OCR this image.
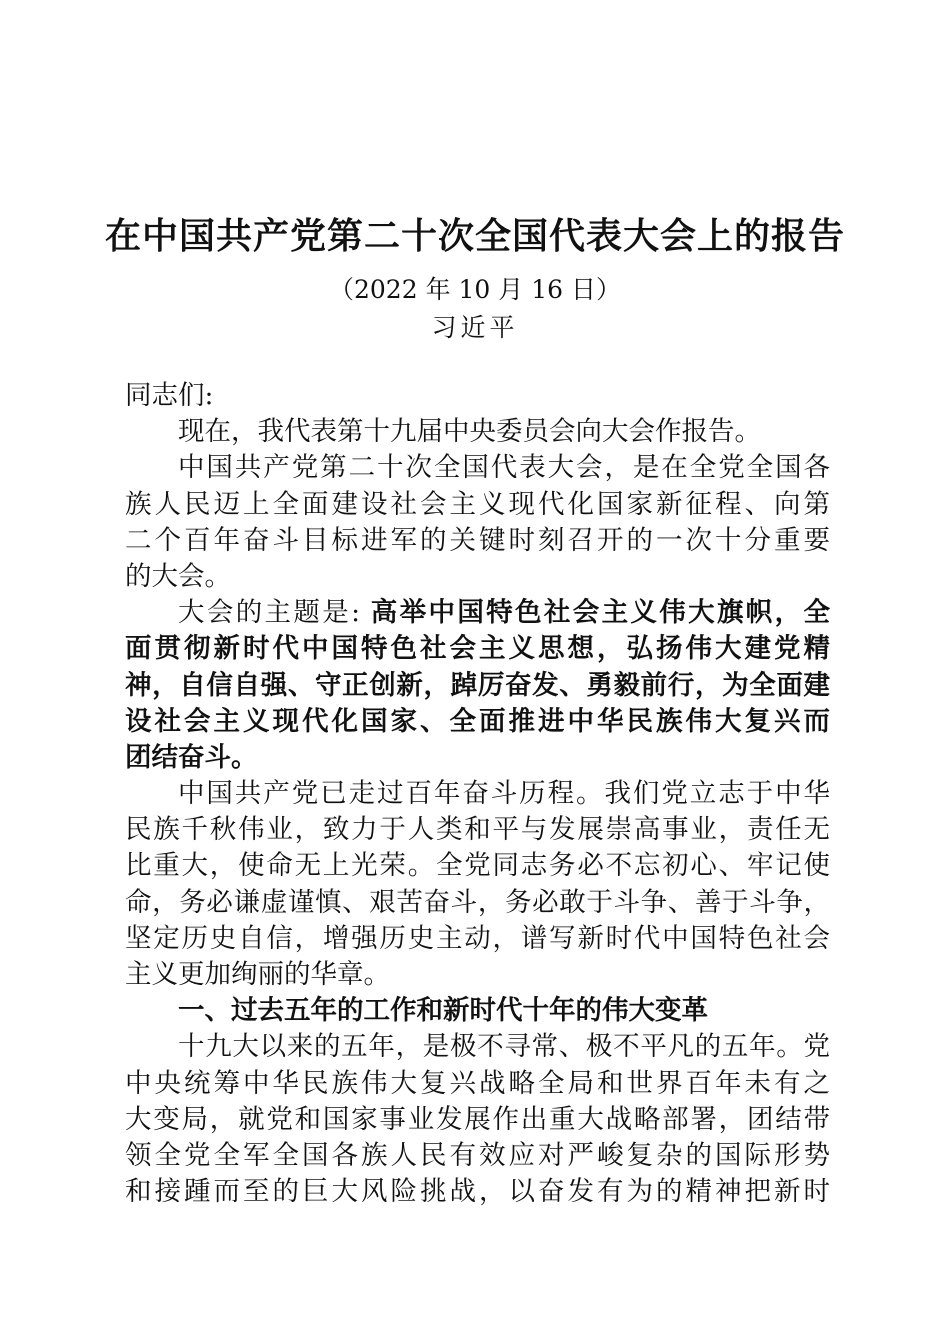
在中国共产党第二十次全国代表大会上的报告
（2022 年 10 月 16 日）
习近平
同志们:
现在，我代表第十九届中央委员会向大会作报告。
中国共产党第二十次全国代表大会，是在全党全国各
族人民迈上全面建设社会主义现代化国家新征程、向第
二个百年奋斗目标进军的关键时刻召开的一次十分重要
的大会。
大会的主题是: 高举中国特色社会主义伟大旗帜，全
面贯彻新时代中国特色社会主义思想，弘扬伟大建党精
神，自信自强、守正创新，踔厉奋发、勇毅前行，为全面建
设社会主义现代化国家、全面推进中华民族伟大复兴而
团结奋斗。
中国共产党已走过百年奋斗历程。我们党立志于中华
民族千秋伟业，致力于人类和平与发展崇高事业，责任无
比重大，使命无上光荣。全党同志务必不忘初心、牢记使
命，务必谦虚谨慎、艰苦奋斗，务必敢于斗争、善于斗争，
坚定历史自信，增强历史主动，谱写新时代中国特色社会
主义更加绚丽的华章。
一、过去五年的工作和新时代十年的伟大变革
十九大以来的五年，是极不寻常、极不平凡的五年。党
中央统筹中华民族伟大复兴战略全局和世界百年未有之
大变局，就党和国家事业发展作出重大战略部署，团结带
领全党全军全国各族人民有效应对严峻复杂的国际形势
和接踵而至的巨大风险挑战，以奋发有为的精神把新时
